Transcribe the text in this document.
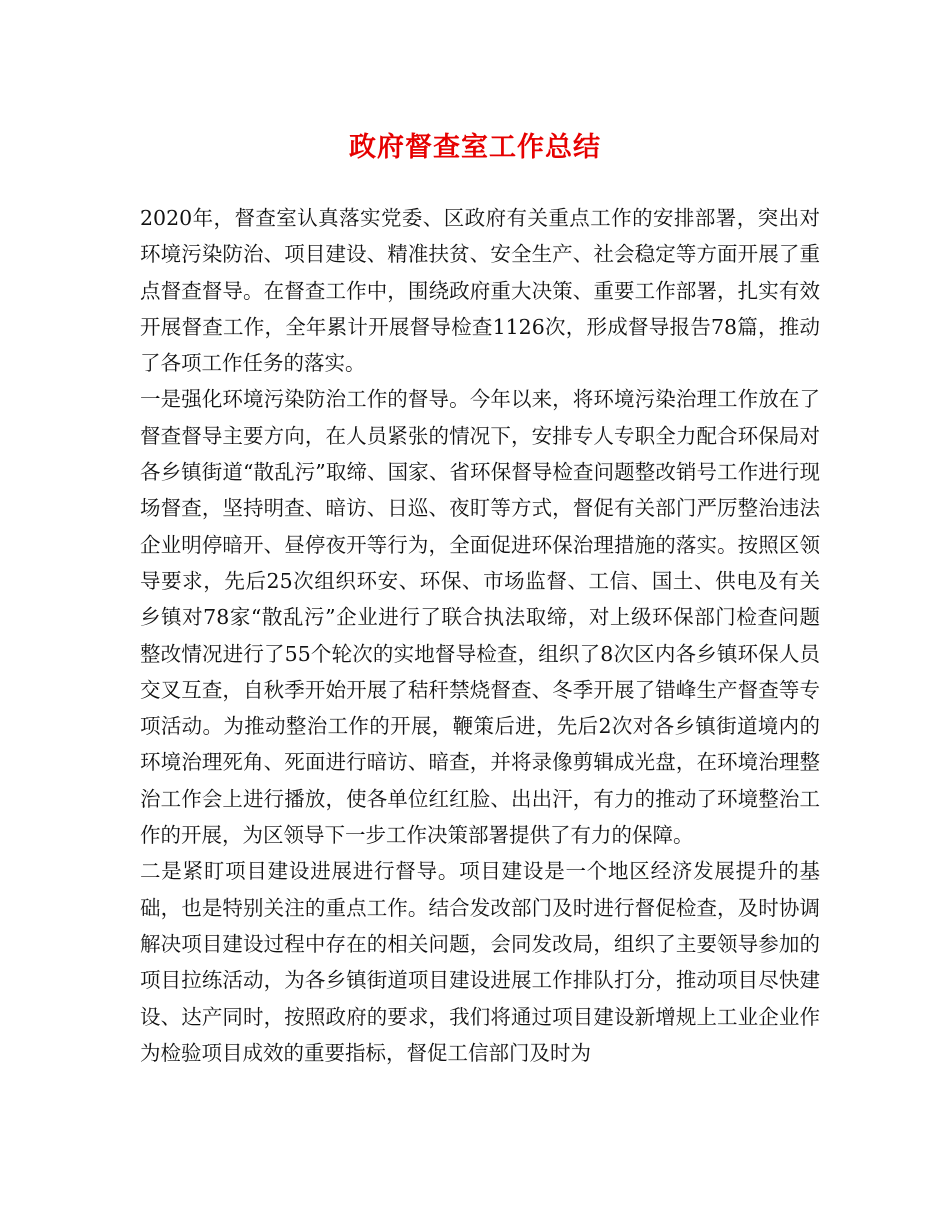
政府督查室工作总结

2020年，督查室认真落实党委、区政府有关重点工作的安排部署，突出对环境污染防治、项目建设、精准扶贫、安全生产、社会稳定等方面开展了重点督查督导。在督查工作中，围绕政府重大决策、重要工作部署，扎实有效开展督查工作，全年累计开展督导检查1126次，形成督导报告78篇，推动了各项工作任务的落实。

一是强化环境污染防治工作的督导。今年以来，将环境污染治理工作放在了督查督导主要方向，在人员紧张的情况下，安排专人专职全力配合环保局对各乡镇街道“散乱污”取缔、国家、省环保督导检查问题整改销号工作进行现场督查，坚持明查、暗访、日巡、夜盯等方式，督促有关部门严厉整治违法企业明停暗开、昼停夜开等行为，全面促进环保治理措施的落实。按照区领导要求，先后25次组织环安、环保、市场监督、工信、国土、供电及有关乡镇对78家“散乱污”企业进行了联合执法取缔，对上级环保部门检查问题整改情况进行了55个轮次的实地督导检查，组织了8次区内各乡镇环保人员交叉互查，自秋季开始开展了秸秆禁烧督查、冬季开展了错峰生产督查等专项活动。为推动整治工作的开展，鞭策后进，先后2次对各乡镇街道境内的环境治理死角、死面进行暗访、暗查，并将录像剪辑成光盘，在环境治理整治工作会上进行播放，使各单位红红脸、出出汗，有力的推动了环境整治工作的开展，为区领导下一步工作决策部署提供了有力的保障。

二是紧盯项目建设进展进行督导。项目建设是一个地区经济发展提升的基础，也是特别关注的重点工作。结合发改部门及时进行督促检查，及时协调解决项目建设过程中存在的相关问题，会同发改局，组织了主要领导参加的项目拉练活动，为各乡镇街道项目建设进展工作排队打分，推动项目尽快建设、达产同时，按照政府的要求，我们将通过项目建设新增规上工业企业作为检验项目成效的重要指标，督促工信部门及时为
